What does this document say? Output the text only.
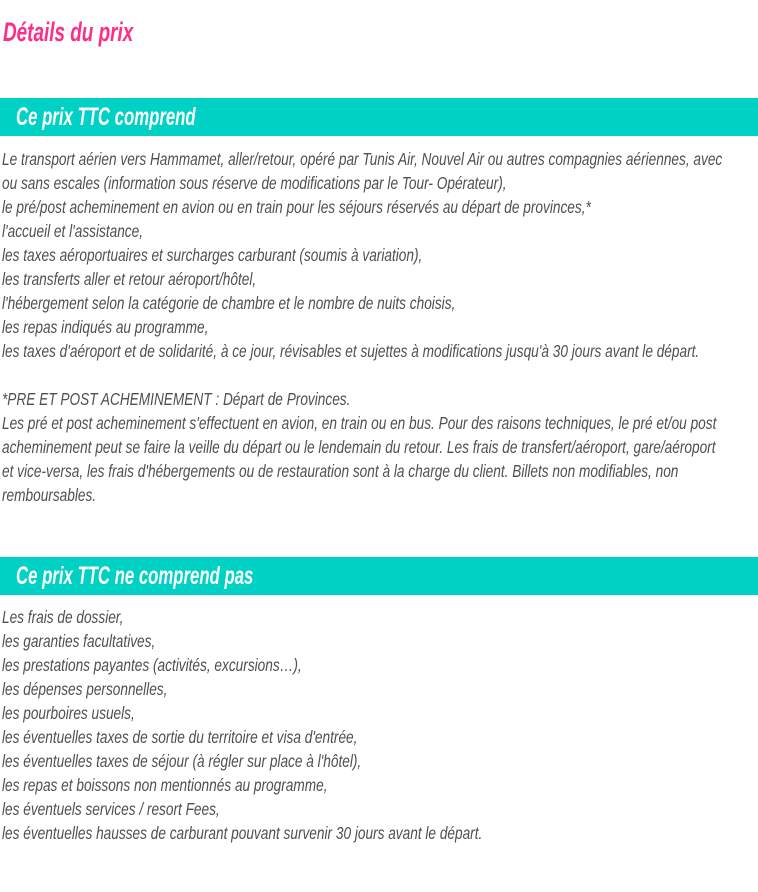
Détails du prix
Ce prix TTC comprend
Le transport aérien vers Hammamet, aller/retour, opéré par Tunis Air, Nouvel Air ou autres compagnies aériennes, avec
ou sans escales (information sous réserve de modifications par le Tour- Opérateur),
le pré/post acheminement en avion ou en train pour les séjours réservés au départ de provinces,*
l'accueil et l'assistance,
les taxes aéroportuaires et surcharges carburant (soumis à variation),
les transferts aller et retour aéroport/hôtel,
l'hébergement selon la catégorie de chambre et le nombre de nuits choisis,
les repas indiqués au programme,
les taxes d'aéroport et de solidarité, à ce jour, révisables et sujettes à modifications jusqu'à 30 jours avant le départ.
*PRE ET POST ACHEMINEMENT : Départ de Provinces.
Les pré et post acheminement s'effectuent en avion, en train ou en bus. Pour des raisons techniques, le pré et/ou post
acheminement peut se faire la veille du départ ou le lendemain du retour. Les frais de transfert/aéroport, gare/aéroport
et vice-versa, les frais d'hébergements ou de restauration sont à la charge du client. Billets non modifiables, non
remboursables.
Ce prix TTC ne comprend pas
Les frais de dossier,
les garanties facultatives,
les prestations payantes (activités, excursions…),
les dépenses personnelles,
les pourboires usuels,
les éventuelles taxes de sortie du territoire et visa d'entrée,
les éventuelles taxes de séjour (à régler sur place à l'hôtel),
les repas et boissons non mentionnés au programme,
les éventuels services / resort Fees,
les éventuelles hausses de carburant pouvant survenir 30 jours avant le départ.
